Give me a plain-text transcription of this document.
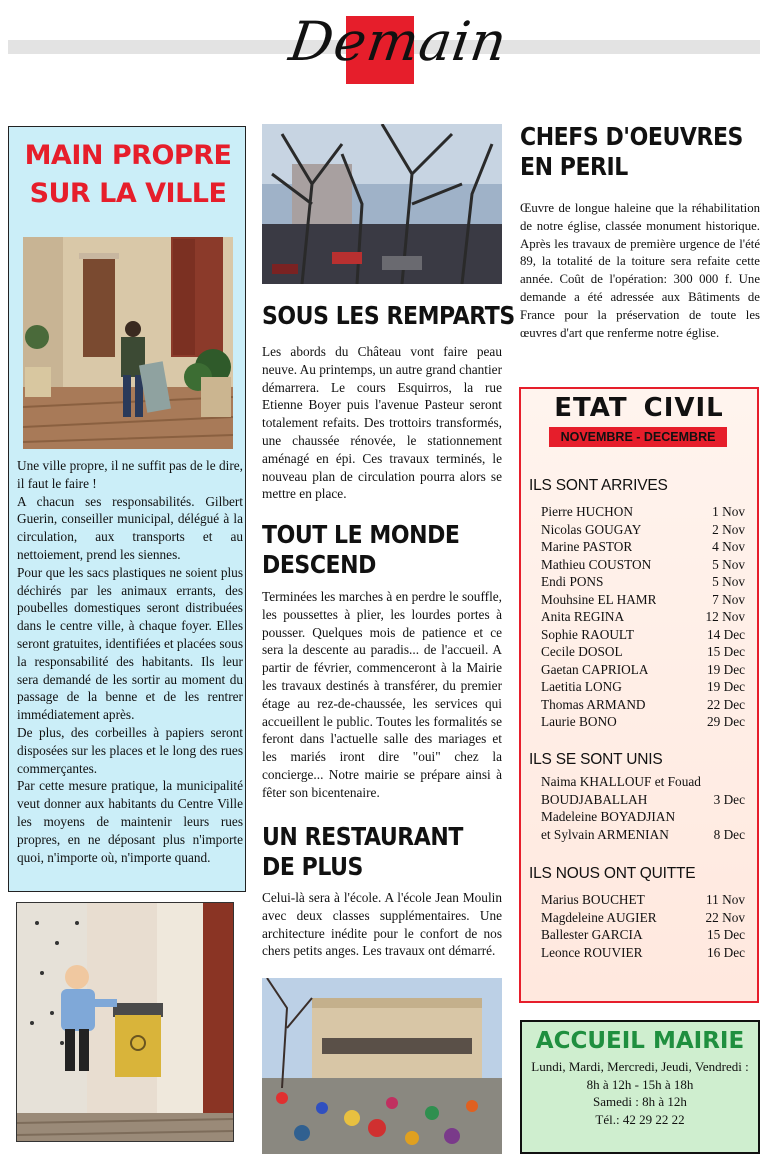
Demain
MAIN PROPRE
SUR LA VILLE

Une ville propre, il ne suffit pas de le dire, il faut le faire !

A chacun ses responsabilités. Gilbert Guerin, conseiller municipal, délégué à la circulation, aux transports et au nettoiement, prend les siennes.

Pour que les sacs plastiques ne soient plus déchirés par les animaux errants, des poubelles domestiques seront distribuées dans le centre ville, à chaque foyer. Elles seront gratuites, identifiées et placées sous la responsabilité des habitants. Ils leur sera demandé de les sortir au moment du passage de la benne et de les rentrer immédiatement après.

De plus, des corbeilles à papiers seront disposées sur les places et le long des rues commerçantes.

Par cette mesure pratique, la municipalité veut donner aux habitants du Centre Ville les moyens de maintenir leurs rues propres, en ne déposant plus n'importe quoi, n'importe où, n'importe quand.

SOUS LES REMPARTS
Les abords du Château vont faire peau neuve. Au printemps, un autre grand chantier démarrera. Le cours Esquirros, la rue Etienne Boyer puis l'avenue Pasteur seront totalement refaits. Des trottoirs transformés, une chaussée rénovée, le stationnement aménagé en épi. Ces travaux terminés, le nouveau plan de circulation pourra alors se mettre en place.
TOUT LE MONDE
DESCEND
Terminées les marches à en perdre le souffle, les poussettes à plier, les lourdes portes à pousser. Quelques mois de patience et ce sera la descente au paradis... de l'accueil. A partir de février, commenceront à la Mairie les travaux destinés à transférer, du premier étage au rez-de-chaussée, les services qui accueillent le public. Toutes les formalités se feront dans l'actuelle salle des mariages et les mariés iront dire "oui" chez la concierge... Notre mairie se prépare ainsi à fêter son bicentenaire.
UN RESTAURANT
DE PLUS
Celui-là sera à l'école. A l'école Jean Moulin avec deux classes supplémentaires. Une architecture inédite pour le confort de nos chers petits anges. Les travaux ont démarré.
CHEFS D'OEUVRES
EN PERIL
Œuvre de longue haleine que la réhabilitation de notre église, classée monument historique. Après les travaux de première urgence de l'été 89, la totalité de la toiture sera refaite cette année. Coût de l'opération: 300 000 f. Une demande a été adressée aux Bâtiments de France pour la préservation de toute les œuvres d'art que renferme notre église.
ETAT CIVIL
NOVEMBRE - DECEMBRE
ILS SONT ARRIVES
Pierre HUCHON	1 Nov
Nicolas GOUGAY	2 Nov
Marine PASTOR	4 Nov
Mathieu COUSTON	5 Nov
Endi PONS	5 Nov
Mouhsine EL HAMR	7 Nov
Anita REGINA	12 Nov
Sophie RAOULT	14 Dec
Cecile DOSOL	15 Dec
Gaetan CAPRIOLA	19 Dec
Laetitia LONG	19 Dec
Thomas ARMAND	22 Dec
Laurie BONO	29 Dec
ILS SE SONT UNIS
Naima KHALLOUF et Fouad
BOUDJABALLAH	3 Dec
Madeleine BOYADJIAN
et Sylvain ARMENIAN	8 Dec
ILS NOUS ONT QUITTE
Marius BOUCHET	11 Nov
Magdeleine AUGIER	22 Nov
Ballester GARCIA	15 Dec
Leonce ROUVIER	16 Dec
ACCUEIL MAIRIE
Lundi, Mardi, Mercredi, Jeudi, Vendredi :
8h à 12h - 15h à 18h
Samedi : 8h à 12h
Tél.: 42 29 22 22
